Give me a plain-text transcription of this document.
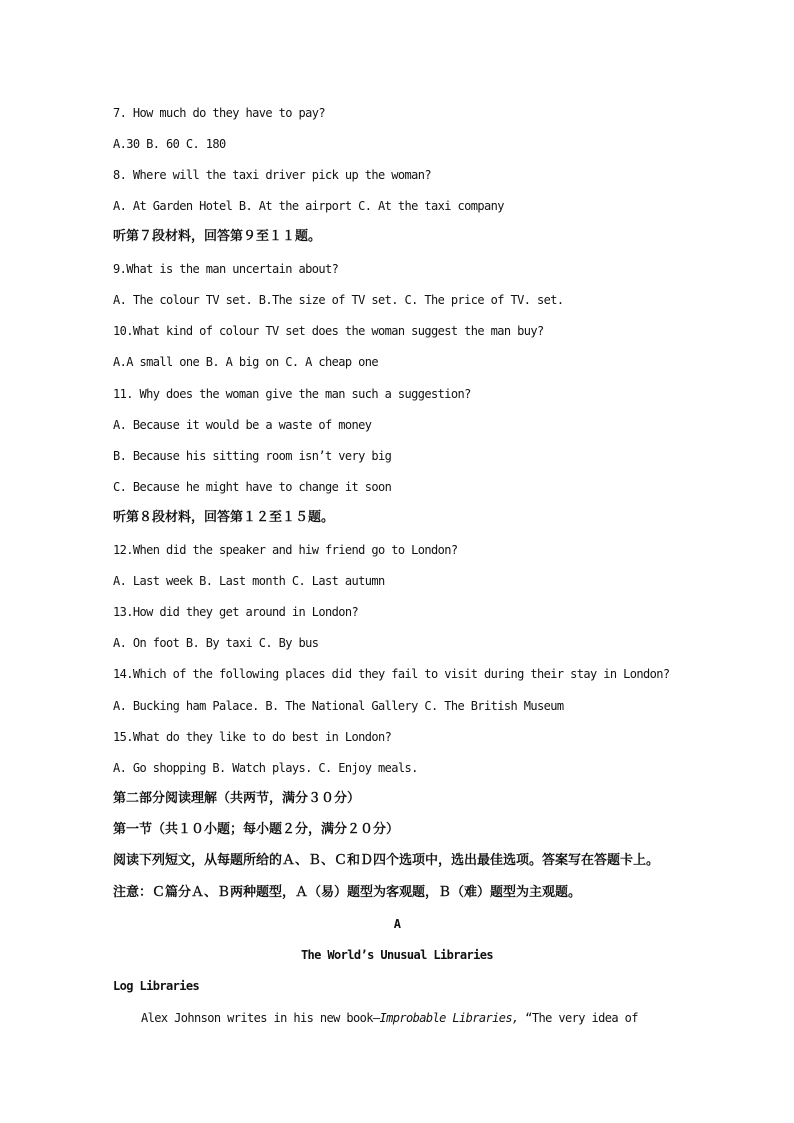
7. How much do they have to pay?
A.30 B. 60 C. 180
8. Where will the taxi driver pick up the woman?
A. At Garden Hotel B. At the airport C. At the taxi company
听第７段材料，回答第９至１１题。
9.What is the man uncertain about?
A. The colour TV set. B.The size of TV set. C. The price of TV. set.
10.What kind of colour TV set does the woman suggest the man buy?
A.A small one B. A big on C. A cheap one
11. Why does the woman give the man such a suggestion?
A. Because it would be a waste of money
B. Because his sitting room isn’t very big
C. Because he might have to change it soon
听第８段材料，回答第１２至１５题。
12.When did the speaker and hiw friend go to London?
A. Last week B. Last month C. Last autumn
13.How did they get around in London?
A. On foot B. By taxi C. By bus
14.Which of the following places did they fail to visit during their stay in London?
A. Bucking ham Palace. B. The National Gallery C. The British Museum
15.What do they like to do best in London?
A. Go shopping B. Watch plays. C. Enjoy meals.
第二部分阅读理解（共两节，满分３０分）
第一节（共１０小题；每小题２分，满分２０分）
阅读下列短文，从每题所给的Ａ、Ｂ、Ｃ和Ｄ四个选项中，选出最佳选项。答案写在答题卡上。
注意：Ｃ篇分Ａ、Ｂ两种题型，Ａ（易）题型为客观题，Ｂ（难）题型为主观题。
A
The World’s Unusual Libraries
Log Libraries
Alex Johnson writes in his new book—Improbable Libraries, “The very idea of
